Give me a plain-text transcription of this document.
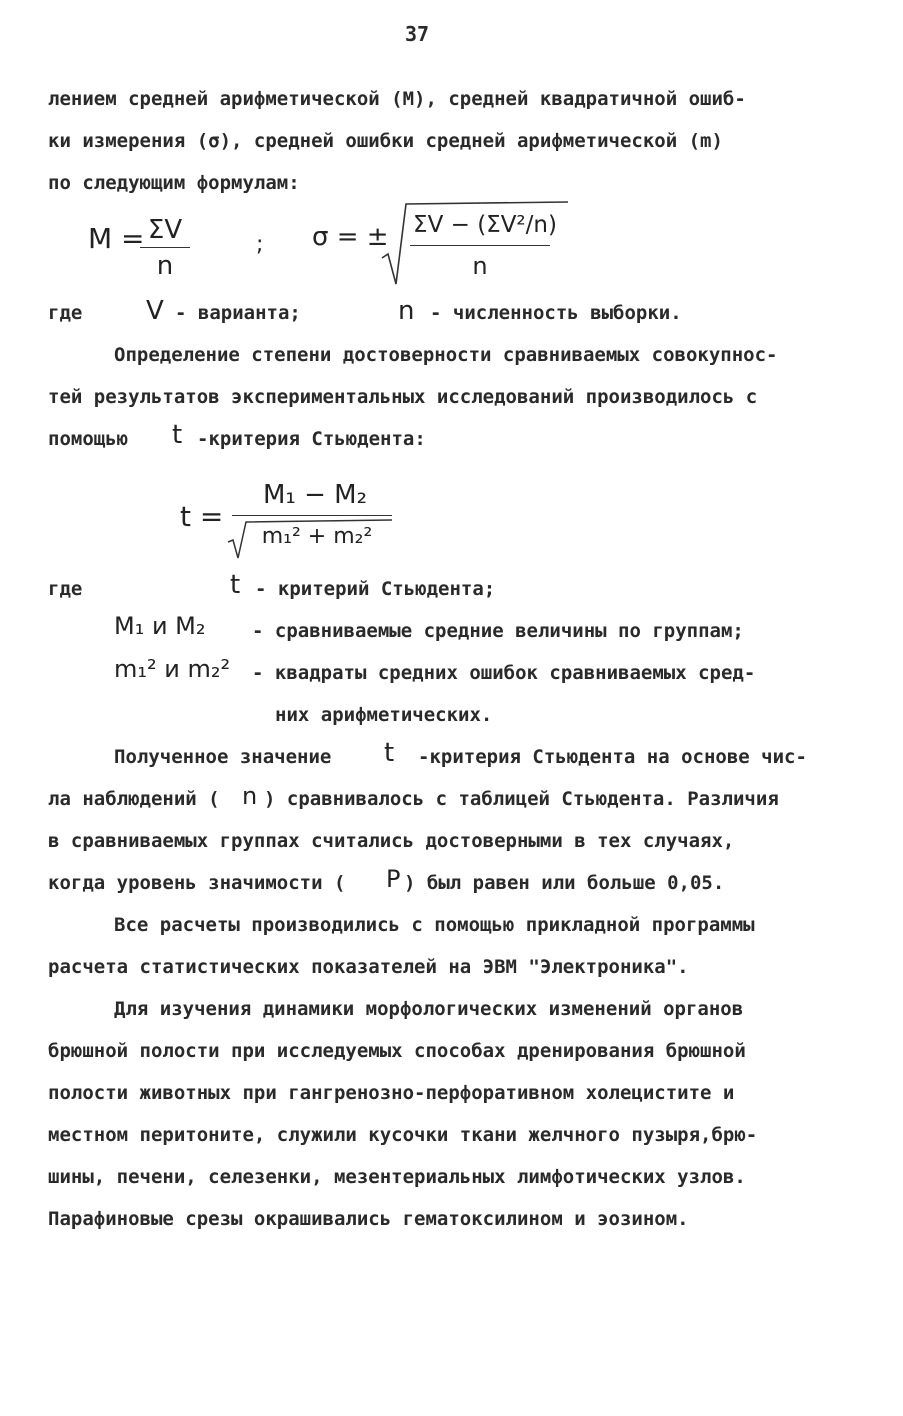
37
лением средней арифметической (M), средней квадратичной ошиб-
ки измерения (σ), средней ошибки средней арифметической (m)
по следующим формулам:
M = ΣV
n
; σ = ± ΣV − (ΣV²/n)
n
где V - варианта;	n - численность выборки.
Определение степени достоверности сравниваемых совокупнос-
тей результатов экспериментальных исследований производилось с
помощью t -критерия Стьюдента:
t =
M₁ − M₂
m₁² + m₂²
где	t - критерий Стьюдента;
M₁ и M₂ - сравниваемые средние величины по группам;
m₁² и m₂² - квадраты средних ошибок сравниваемых сред-
них арифметических.
Полученное значение t -критерия Стьюдента на основе чис-
ла наблюдений ( n ) сравнивалось с таблицей Стьюдента. Различия
в сравниваемых группах считались достоверными в тех случаях,
когда уровень значимости ( P ) был равен или больше 0,05.
Все расчеты производились с помощью прикладной программы
расчета статистических показателей на ЭВМ "Электроника".
Для изучения динамики морфологических изменений органов
брюшной полости при исследуемых способах дренирования брюшной
полости животных при гангренозно-перфоративном холецистите и
местном перитоните, служили кусочки ткани желчного пузыря,брю-
шины, печени, селезенки, мезентериальных лимфотических узлов.
Парафиновые срезы окрашивались гематоксилином и эозином.
